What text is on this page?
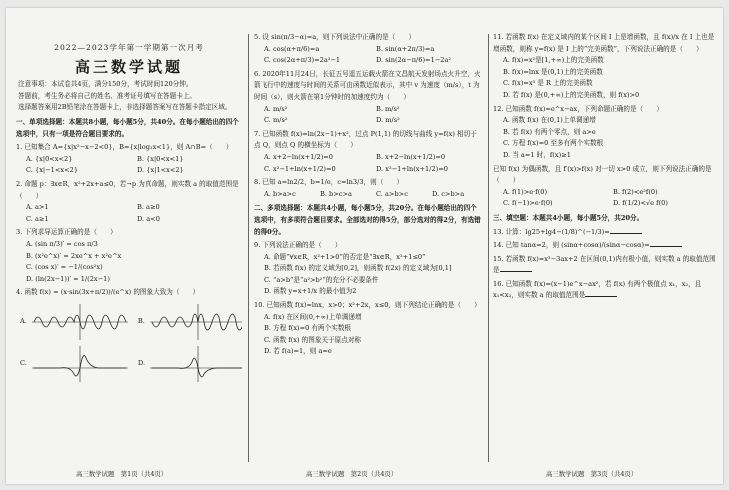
2022—2023学年第一学期第一次月考
高三数学试题
注意事项：本试卷共4页，满分150分，考试时间120分钟。
答题前，考生务必将自己的姓名、准考证号填写在答题卡上。
选择题答案用2B铅笔涂在答题卡上，非选择题答案写在答题卡指定区域。
一、单项选择题：本题共8小题，每小题5分，共40分。在每小题给出的四个选项中，只有一项是符合题目要求的。
1. 已知集合 A={x|x²−x−2<0}，B={x|log₂x<1}，则 A∩B=（　　）
A. {x|0<x<2}	B. {x|0<x<1}
C. {x|−1<x<2}	D. {x|1<x<2}
2. 命题 p：∃x∈R，x²+2x+a≤0，若¬p 为真命题，则实数 a 的取值范围是（　　）
A. a>1	B. a≥0
C. a≥1	D. a<0
3. 下列求导运算正确的是（　　）
A. (sin π/3)′ = cos π/3
B. (x²e^x)′ = 2xe^x + x²e^x
C. (cos x)′ = −1/(cos²x)
D. (ln(2x−1))′ = 1/(2x−1)
4. 函数 f(x) = (x·sin(3x+π/2))/(e^x) 的图象大致为（　　）
A.	B.
C.	D.
5. 设 sin(π/3−α)=a，则下列说法中正确的是（　　）
A. cos(α+π/6)=a	B. sin(α+2π/3)=a
C. cos(2α+π/3)=2a²−1	D. sin(2α−π/6)=1−2a²
6. 2020年11月24日，长征五号遥五运载火箭在文昌航天发射场点火升空，火箭飞行中的速度与时间的关系可由函数近似表示，其中 v 为速度（m/s），t 为时间（s），则火箭在第1分钟时的加速度约为（　　）
A. m/s²	B. m/s²
C. m/s²	D. m/s²
7. 已知函数 f(x)=ln(2x−1)+x²，过点 P(1,1) 的切线与曲线 y=f(x) 相切于点 Q，则点 Q 的横坐标为（　　）
A. x+2−ln(x+1/2)=0	B. x+2−ln(x+1/2)=0
C. x²−1+ln(x+1/2)=0	D. x²−1+ln(x+1/2)=0
8. 已知 a=ln2/2，b=1/e，c=ln3/3，则（　　）
A. b>a>c	B. b>c>a	C. a>b>c	D. c>b>a
二、多项选择题：本题共4小题，每小题5分，共20分。在每小题给出的四个选项中，有多项符合题目要求。全部选对的得5分，部分选对的得2分，有选错的得0分。
9. 下列说法正确的是（　　）
A. 命题“∀x∈R，x²+1>0”的否定是“∃x∈R，x²+1≤0”
B. 若函数 f(x) 的定义域为[0,2]，则函数 f(2x) 的定义域为[0,1]
C. “a>b”是“a²>b²”的充分不必要条件
D. 函数 y=x+1/x 的最小值为2
10. 已知函数 f(x)=lnx，x>0；x²+2x，x≤0，则下列结论正确的是（　　）
A. f(x) 在区间(0,+∞)上单调递增
B. 方程 f(x)=0 有两个实数根
C. 函数 f(x) 的图象关于原点对称
D. 若 f(a)=1，则 a=e
11. 若函数 f(x) 在定义域内的某个区间 I 上是增函数，且 f(x)/x 在 I 上也是增函数，则称 y=f(x) 是 I 上的“完美函数”，下列说法正确的是（　　）
A. f(x)=x²是[1,+∞)上的完美函数
B. f(x)=lnx 是(0,1)上的完美函数
C. f(x)=x³ 是 R 上的完美函数
D. 若 f(x) 是(0,+∞)上的完美函数，则 f(x)>0
12. 已知函数 f(x)=e^x−ax，下列命题正确的是（　　）
A. 函数 f(x) 在(0,1)上单调递增
B. 若 f(x) 有两个零点，则 a>e
C. 方程 f(x)=0 至多有两个实数根
D. 当 a=1 时，f(x)≥1
已知 f(x) 为偶函数，且 f′(x)>f(x) 对一切 x>0 成立，则下列说法正确的是（　　）
A. f(1)>e·f(0)	B. f(2)<e²f(0)
C. f(−1)>e·f(0)	D. f(1/2)<√e f(0)
三、填空题：本题共4小题，每小题5分，共20分。
13. 计算：lg25+lg4−(1/8)^(−1/3)=
14. 已知 tanα=2，则 (sinα+cosα)/(sinα−cosα)=
15. 若函数 f(x)=x³−3ax+2 在区间(0,1)内有极小值，则实数 a 的取值范围是
16. 已知函数 f(x)=(x−1)e^x−ax²，若 f(x) 有两个极值点 x₁，x₂，且 x₁<x₂，则实数 a 的取值范围是
高三数学试题　第1页（共4页）	高三数学试题　第2页（共4页）	高三数学试题　第3页（共4页）
